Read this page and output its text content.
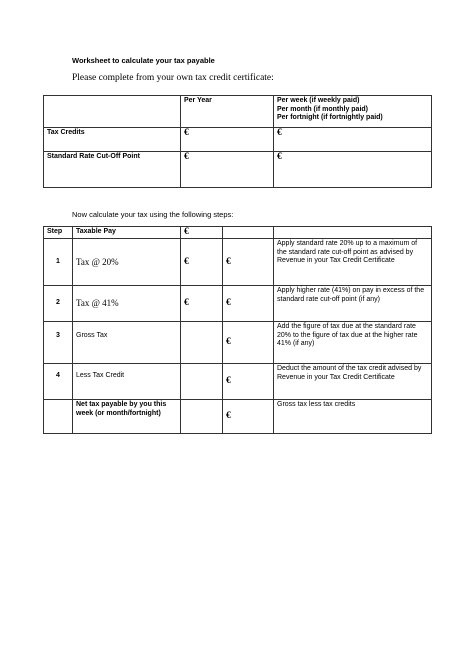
Worksheet to calculate your tax payable
Please complete from your own tax credit certificate:
	Per Year	Per week (if weekly paid)
Per month (if monthly paid)
Per fortnight (if fortnightly paid)

Tax Credits	€	€
Standard Rate Cut-Off Point	€	€
Now calculate your tax using the following steps:
Step	Taxable Pay	€		
1	Tax @ 20%	€	€	Apply standard rate 20% up to a maximum of the standard rate cut-off point as advised by Revenue in your Tax Credit Certificate
2	Tax @ 41%	€	€	Apply higher rate (41%) on pay in excess of the standard rate cut-off point (if any)
3	Gross Tax		€	Add the figure of tax due at the standard rate 20% to the figure of tax due at the higher rate 41% (if any)
4	Less Tax Credit		€	Deduct the amount of the tax credit advised by Revenue in your Tax Credit Certificate
	Net tax payable by you this week (or month/fortnight)		€	Gross tax less tax credits
